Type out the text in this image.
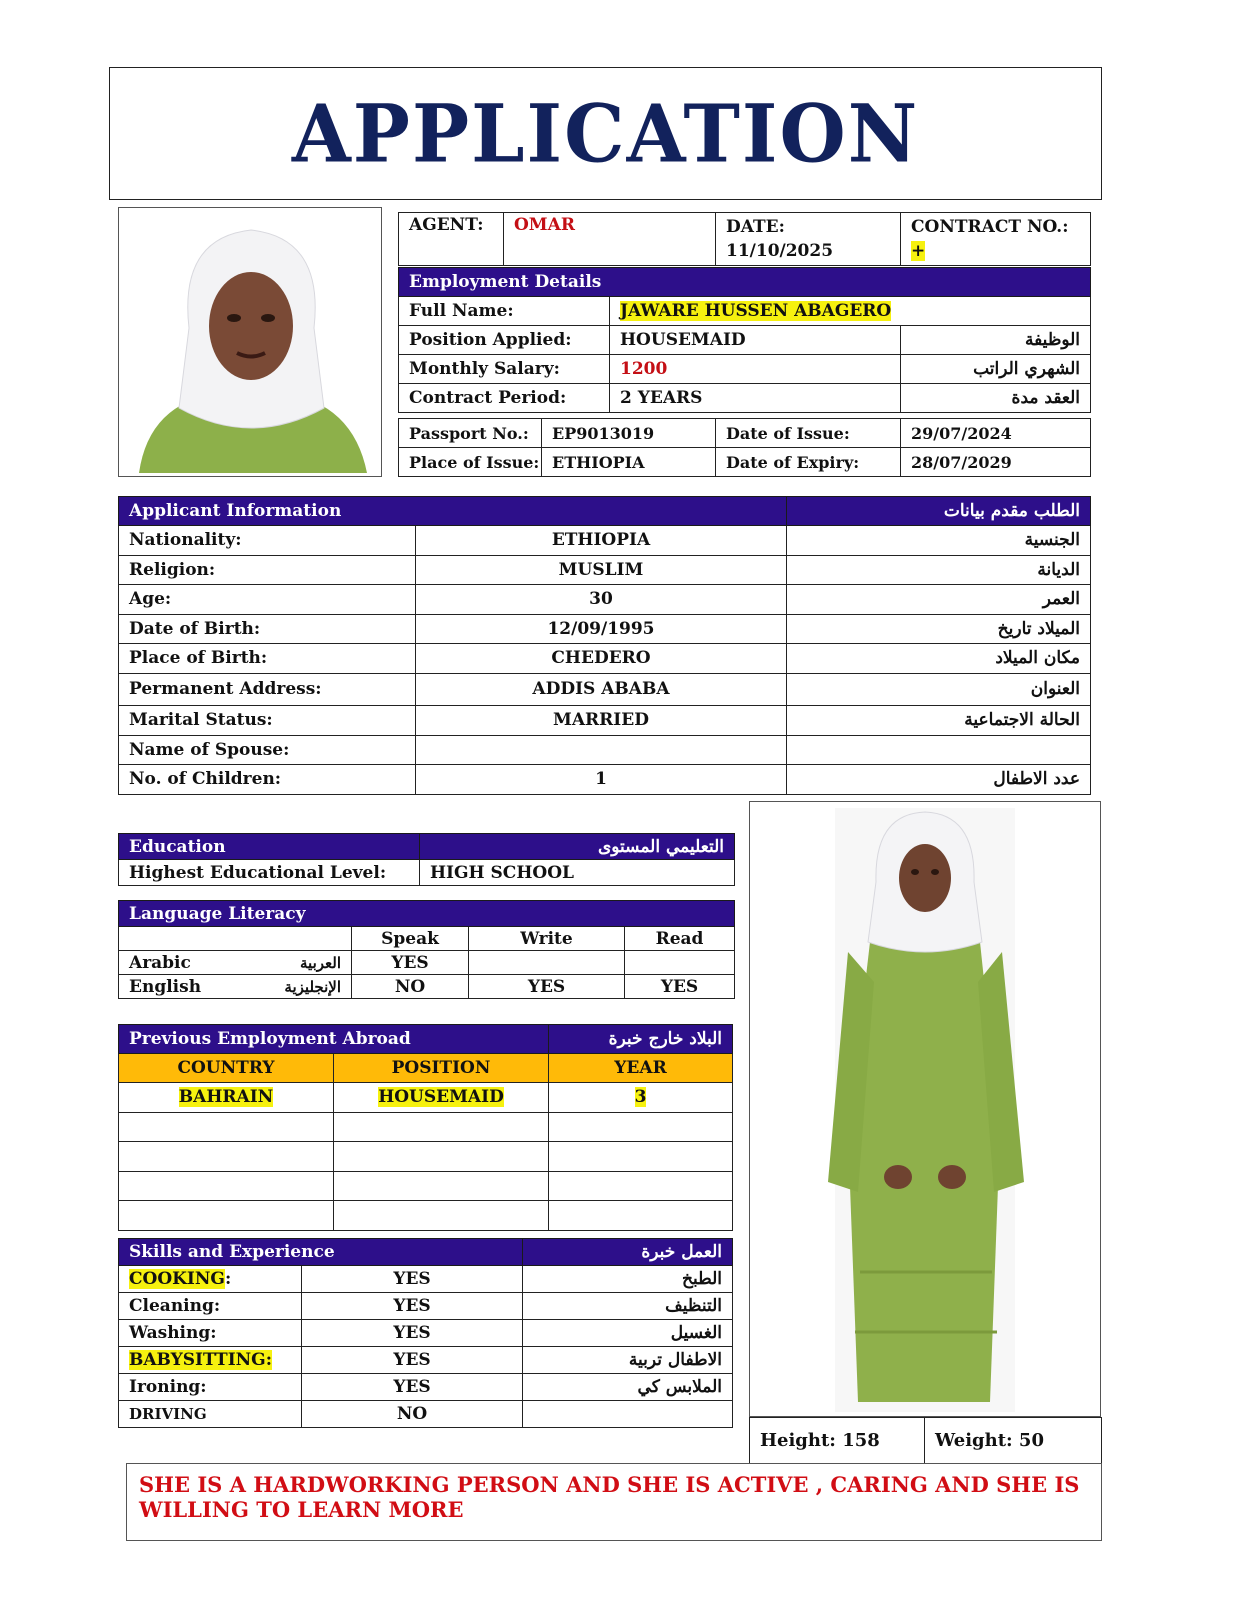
APPLICATION
AGENT:	OMAR	DATE:
11/10/2025

CONTRACT NO.:
+
Employment Details		
Full Name:	JAWARE HUSSEN ABAGERO	
Position Applied:	HOUSEMAID	الوظيفة
Monthly Salary:	1200	الشهري الراتب
Contract Period:	2 YEARS	العقد مدة
Passport No.:	EP9013019	Date of Issue:	29/07/2024
Place of Issue:	ETHIOPIA	Date of Expiry:	28/07/2029
Applicant Information		الطلب مقدم بيانات
Nationality:	ETHIOPIA	الجنسية
Religion:	MUSLIM	الديانة
Age:	30	العمر
Date of Birth:	12/09/1995	الميلاد تاريخ
Place of Birth:	CHEDERO	مكان الميلاد
Permanent Address:	ADDIS ABABA	العنوان
Marital Status:	MARRIED	الحالة الاجتماعية
Name of Spouse:		
No. of Children:	1	عدد الاطفال
Education	التعليمي المستوى
Highest Educational Level:	HIGH SCHOOL
Language Literacy				
		Speak	Write	Read
Arabic	العربية	YES		
English	الإنجليزية	NO	YES	YES
Previous Employment Abroad		البلاد خارج خبرة
COUNTRY	POSITION	YEAR
BAHRAIN	HOUSEMAID	3

Skills and Experience		العمل خبرة
COOKING:	YES	الطبخ
Cleaning:	YES	التنظيف
Washing:	YES	الغسيل
BABYSITTING:	YES	الاطفال تربية
Ironing:	YES	الملابس كي
DRIVING	NO	
Height: 158	Weight: 50
SHE IS A HARDWORKING PERSON AND SHE IS ACTIVE , CARING AND SHE IS WILLING TO LEARN MORE
